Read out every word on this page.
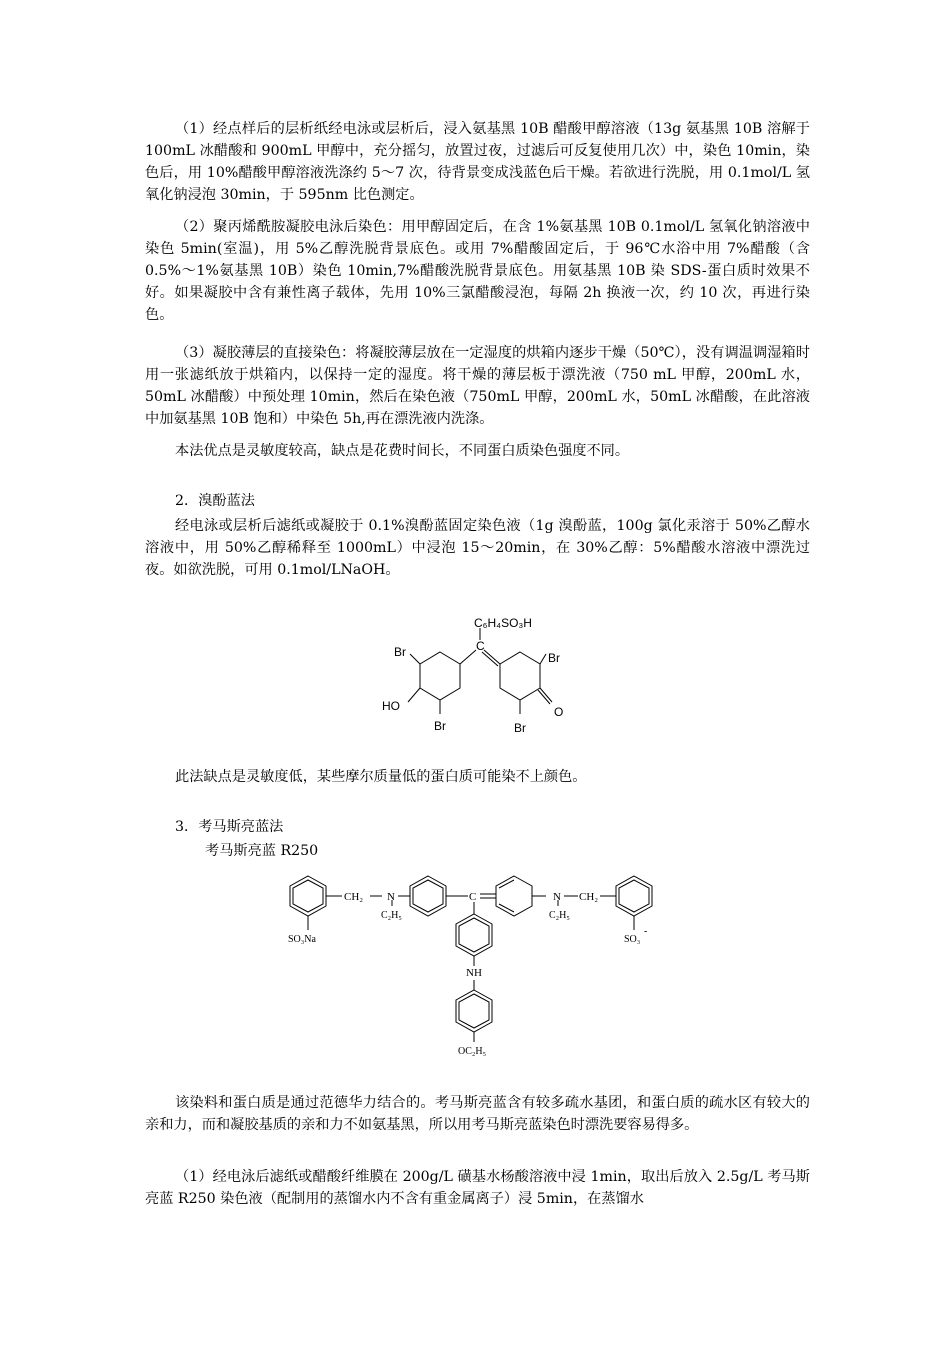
（1）经点样后的层析纸经电泳或层析后，浸入氨基黑 10B 醋酸甲醇溶液（13g 氨基黑 10B 溶解于 100mL 冰醋酸和 900mL 甲醇中，充分摇匀，放置过夜，过滤后可反复使用几次）中，染色 10min，染色后，用 10%醋酸甲醇溶液洗涤约 5～7 次，待背景变成浅蓝色后干燥。若欲进行洗脱，用 0.1mol/L 氢氧化钠浸泡 30min，于 595nm 比色测定。

（2）聚丙烯酰胺凝胶电泳后染色：用甲醇固定后，在含 1%氨基黑 10B 0.1mol/L 氢氧化钠溶液中染色 5min(室温)，用 5%乙醇洗脱背景底色。或用 7%醋酸固定后，于 96℃水浴中用 7%醋酸（含 0.5%～1%氨基黑 10B）染色 10min,7%醋酸洗脱背景底色。用氨基黑 10B 染 SDS-蛋白质时效果不好。如果凝胶中含有兼性离子载体，先用 10%三氯醋酸浸泡，每隔 2h 换液一次，约 10 次，再进行染色。

（3）凝胶薄层的直接染色：将凝胶薄层放在一定湿度的烘箱内逐步干燥（50℃），没有调温调湿箱时用一张滤纸放于烘箱内，以保持一定的湿度。将干燥的薄层板于漂洗液（750 mL 甲醇，200mL 水，50mL 冰醋酸）中预处理 10min，然后在染色液（750mL 甲醇，200mL 水，50mL 冰醋酸，在此溶液中加氨基黑 10B 饱和）中染色 5h,再在漂洗液内洗涤。

本法优点是灵敏度较高，缺点是花费时间长，不同蛋白质染色强度不同。

2．溴酚蓝法

经电泳或层析后滤纸或凝胶于 0.1%溴酚蓝固定染色液（1g 溴酚蓝，100g 氯化汞溶于 50%乙醇水溶液中，用 50%乙醇稀释至 1000mL）中浸泡 15～20min，在 30%乙醇：5%醋酸水溶液中漂洗过夜。如欲洗脱，可用 0.1mol/LNaOH。

C₆H₄SO₃H
C
Br	Br
HO
Br	Br
O

此法缺点是灵敏度低，某些摩尔质量低的蛋白质可能染不上颜色。

3．考马斯亮蓝法

考马斯亮蓝 R250

CH₂ N
C₂H₅
SO₃Na
C	N CH₂
C₂H₅
SO₃
-
NH
OC₂H₅

该染料和蛋白质是通过范德华力结合的。考马斯亮蓝含有较多疏水基团，和蛋白质的疏水区有较大的亲和力，而和凝胶基质的亲和力不如氨基黑，所以用考马斯亮蓝染色时漂洗要容易得多。

（1）经电泳后滤纸或醋酸纤维膜在 200g/L 磺基水杨酸溶液中浸 1min，取出后放入 2.5g/L 考马斯亮蓝 R250 染色液（配制用的蒸馏水内不含有重金属离子）浸 5min，在蒸馏水
